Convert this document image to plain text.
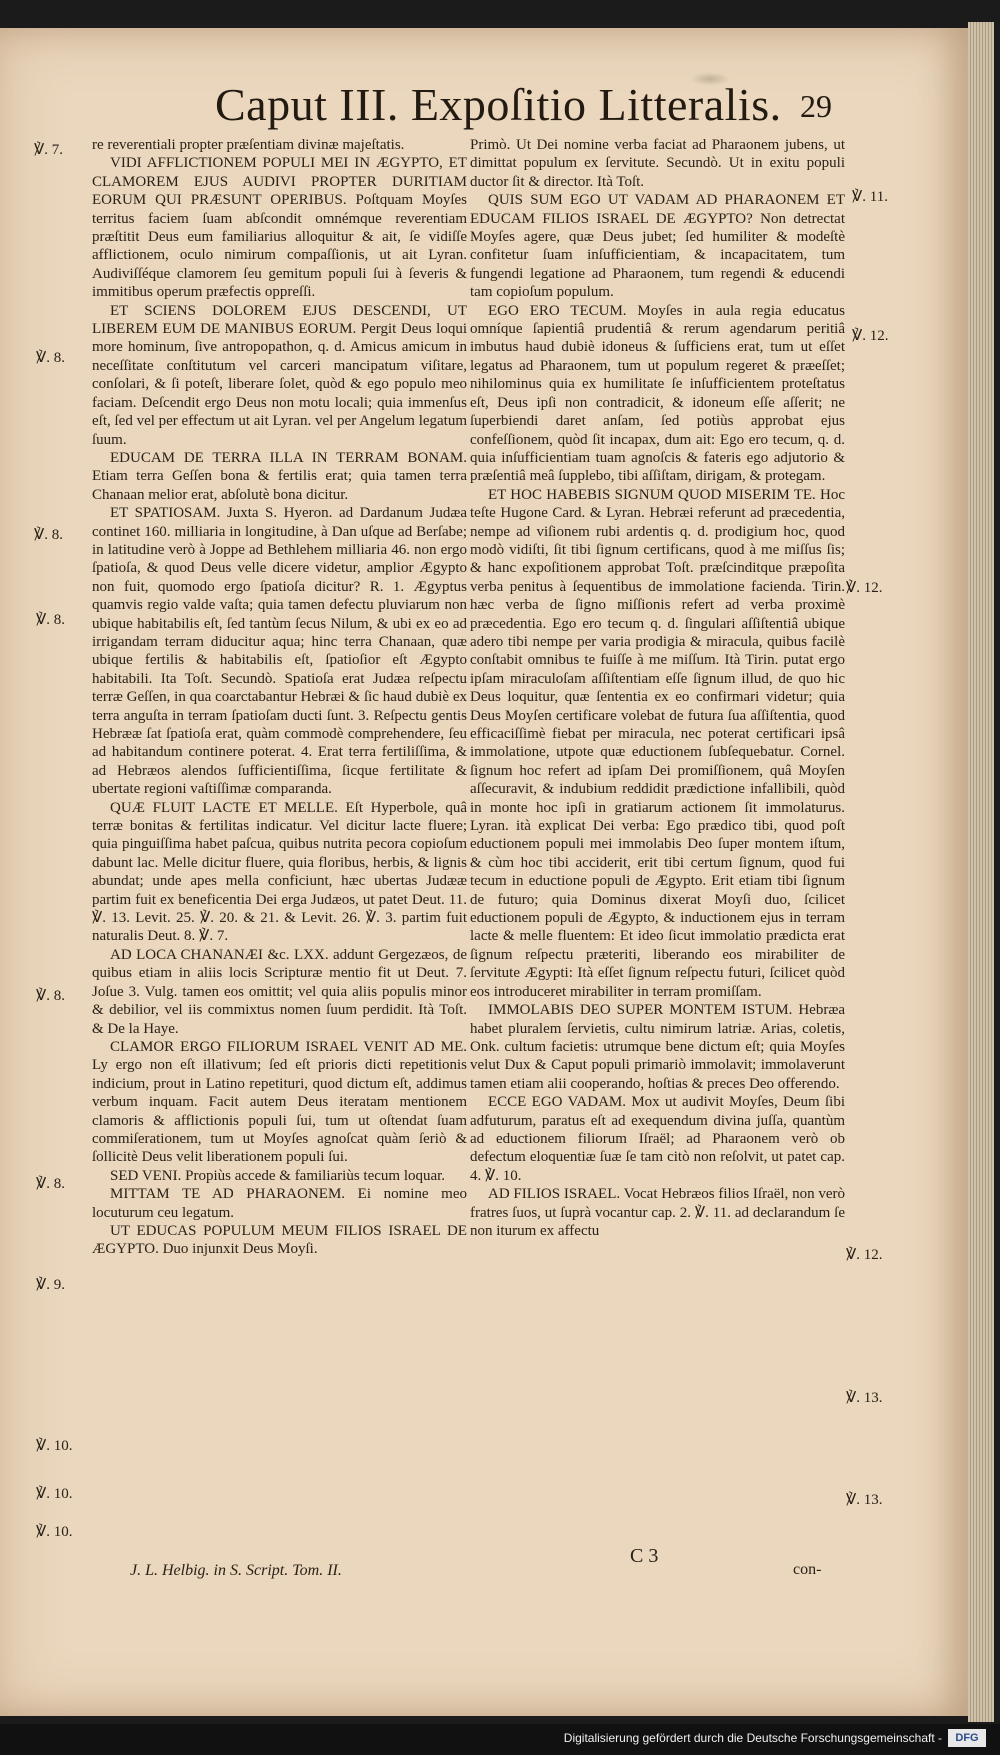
Caput III. Expoſitio Litteralis. 29

re reverentiali propter præſentiam divinæ majeſtatis.

VIDI AFFLICTIONEM POPULI MEI IN ÆGYPTO, ET CLAMOREM EJUS AUDIVI PROPTER DURITIAM EORUM QUI PRÆSUNT OPERIBUS. Poſtquam Moyſes territus faciem ſuam abſcondit omnémque reverentiam præſtitit Deus eum familiarius alloquitur & ait, ſe vidiſſe afflictionem, oculo nimirum compaſſionis, ut ait Lyran. Audiviſſéque clamorem ſeu gemitum populi ſui à ſeveris & immitibus operum præfectis oppreſſi.

ET SCIENS DOLOREM EJUS DESCENDI, UT LIBEREM EUM DE MANIBUS EORUM. Pergit Deus loqui more hominum, ſive antropopathon, q. d. Amicus amicum in neceſſitate conſtitutum vel carceri mancipatum viſitare, conſolari, & ſi poteſt, liberare ſolet, quòd & ego populo meo faciam. Deſcendit ergo Deus non motu locali; quia immenſus eſt, ſed vel per effectum ut ait Lyran. vel per Angelum legatum ſuum.

EDUCAM DE TERRA ILLA IN TERRAM BONAM. Etiam terra Geſſen bona & fertilis erat; quia tamen terra Chanaan melior erat, abſolutè bona dicitur.

ET SPATIOSAM. Juxta S. Hyeron. ad Dardanum Judæa continet 160. milliaria in longitudine, à Dan uſque ad Berſabe; in latitudine verò à Joppe ad Bethlehem milliaria 46. non ergo ſpatioſa, & quod Deus velle dicere videtur, amplior Ægypto non fuit, quomodo ergo ſpatioſa dicitur? R. 1. Ægyptus quamvis regio valde vaſta; quia tamen defectu pluviarum non ubique habitabilis eſt, ſed tantùm ſecus Nilum, & ubi ex eo ad irrigandam terram diducitur aqua; hinc terra Chanaan, quæ ubique fertilis & habitabilis eſt, ſpatioſior eſt Ægypto habitabili. Ita Toſt. Secundò. Spatioſa erat Judæa reſpectu terræ Geſſen, in qua coarctabantur Hebræi & ſic haud dubiè ex terra anguſta in terram ſpatioſam ducti ſunt. 3. Reſpectu gentis Hebrææ ſat ſpatioſa erat, quàm commodè comprehendere, ſeu ad habitandum continere poterat. 4. Erat terra fertiliſſima, & ad Hebræos alendos ſufficientiſſima, ſicque fertilitate & ubertate regioni vaſtiſſimæ comparanda.

QUÆ FLUIT LACTE ET MELLE. Eſt Hyperbole, quâ terræ bonitas & fertilitas indicatur. Vel dicitur lacte fluere; quia pinguiſſima habet paſcua, quibus nutrita pecora copioſum dabunt lac. Melle dicitur fluere, quia floribus, herbis, & lignis abundat; unde apes mella conficiunt, hæc ubertas Judææ partim fuit ex beneficentia Dei erga Judæos, ut patet Deut. 11. ℣. 13. Levit. 25. ℣. 20. & 21. & Levit. 26. ℣. 3. partim fuit naturalis Deut. 8. ℣. 7.

AD LOCA CHANANÆI &c. LXX. addunt Gergezæos, de quibus etiam in aliis locis Scripturæ mentio fit ut Deut. 7. Joſue 3. Vulg. tamen eos omittit; vel quia aliis populis minor & debilior, vel iis commixtus nomen ſuum perdidit. Ità Toſt. & De la Haye.

CLAMOR ERGO FILIORUM ISRAEL VENIT AD ME. Ly ergo non eſt illativum; ſed eſt prioris dicti repetitionis indicium, prout in Latino repetituri, quod dictum eſt, addimus verbum inquam. Facit autem Deus iteratam mentionem clamoris & afflictionis populi ſui, tum ut oſtendat ſuam commiſerationem, tum ut Moyſes agnoſcat quàm ſeriò & ſollicitè Deus velit liberationem populi ſui.

SED VENI. Propiùs accede & familiariùs tecum loquar.

MITTAM TE AD PHARAONEM. Ei nomine meo locuturum ceu legatum.

UT EDUCAS POPULUM MEUM FILIOS ISRAEL DE ÆGYPTO. Duo injunxit Deus Moyſi.

Primò. Ut Dei nomine verba faciat ad Pharaonem jubens, ut dimittat populum ex ſervitute. Secundò. Ut in exitu populi ductor ſit & director. Ità Toſt.

QUIS SUM EGO UT VADAM AD PHARAONEM ET EDUCAM FILIOS ISRAEL DE ÆGYPTO? Non detrectat Moyſes agere, quæ Deus jubet; ſed humiliter & modeſtè confitetur ſuam inſufficientiam, & incapacitatem, tum fungendi legatione ad Pharaonem, tum regendi & educendi tam copioſum populum.

EGO ERO TECUM. Moyſes in aula regia educatus omníque ſapientiâ prudentiâ & rerum agendarum peritiâ imbutus haud dubiè idoneus & ſufficiens erat, tum ut eſſet legatus ad Pharaonem, tum ut populum regeret & præeſſet; nihilominus quia ex humilitate ſe inſufficientem proteſtatus eſt, Deus ipſi non contradicit, & idoneum eſſe aſſerit; ne ſuperbiendi daret anſam, ſed potiùs approbat ejus confeſſionem, quòd ſit incapax, dum ait: Ego ero tecum, q. d. quia inſufficientiam tuam agnoſcis & fateris ego adjutorio & præſentiâ meâ ſupplebo, tibi aſſiſtam, dirigam, & protegam.

ET HOC HABEBIS SIGNUM QUOD MISERIM TE. Hoc teſte Hugone Card. & Lyran. Hebræi referunt ad præcedentia, nempe ad viſionem rubi ardentis q. d. prodigium hoc, quod modò vidiſti, ſit tibi ſignum certificans, quod à me miſſus ſis; & hanc expoſitionem approbat Toſt. præſcinditque præpoſita verba penitus à ſequentibus de immolatione facienda. Tirin. hæc verba de ſigno miſſionis refert ad verba proximè præcedentia. Ego ero tecum q. d. ſingulari aſſiſtentiâ ubique adero tibi nempe per varia prodigia & miracula, quibus facilè conſtabit omnibus te fuiſſe à me miſſum. Ità Tirin. putat ergo ipſam miraculoſam aſſiſtentiam eſſe ſignum illud, de quo hic Deus loquitur, quæ ſententia ex eo confirmari videtur; quia Deus Moyſen certificare volebat de futura ſua aſſiſtentia, quod efficaciſſimè fiebat per miracula, nec poterat certificari ipsâ immolatione, utpote quæ eductionem ſubſequebatur. Cornel. ſignum hoc refert ad ipſam Dei promiſſionem, quâ Moyſen aſſecuravit, & indubium reddidit prædictione infallibili, quòd in monte hoc ipſi in gratiarum actionem ſit immolaturus. Lyran. ità explicat Dei verba: Ego prædico tibi, quod poſt eductionem populi mei immolabis Deo ſuper montem iſtum, & cùm hoc tibi acciderit, erit tibi certum ſignum, quod fui tecum in eductione populi de Ægypto. Erit etiam tibi ſignum de futuro; quia Dominus dixerat Moyſi duo, ſcilicet eductionem populi de Ægypto, & inductionem ejus in terram lacte & melle fluentem: Et ideo ſicut immolatio prædicta erat ſignum reſpectu præteriti, liberando eos mirabiliter de ſervitute Ægypti: Ità eſſet ſignum reſpectu futuri, ſcilicet quòd eos introduceret mirabiliter in terram promiſſam.

IMMOLABIS DEO SUPER MONTEM ISTUM. Hebræa habet pluralem ſervietis, cultu nimirum latriæ. Arias, coletis, Onk. cultum facietis: utrumque bene dictum eſt; quia Moyſes velut Dux & Caput populi primariò immolavit; immolaverunt tamen etiam alii cooperando, hoſtias & preces Deo offerendo.

ECCE EGO VADAM. Mox ut audivit Moyſes, Deum ſibi adfuturum, paratus eſt ad exequendum divina juſſa, quantùm ad eductionem filiorum Iſraël; ad Pharaonem verò ob defectum eloquentiæ ſuæ ſe tam citò non reſolvit, ut patet cap. 4. ℣. 10.

AD FILIOS ISRAEL. Vocat Hebræos filios Iſraël, non verò fratres ſuos, ut ſuprà vocantur cap. 2. ℣. 11. ad declarandum ſe non iturum ex affectu

℣. 7.
℣. 8.
℣. 8.
℣. 8.
℣. 8.
℣. 8.
℣. 9.
℣. 10.
℣. 10.
℣. 10.
℣. 11.
℣. 12.
℣. 12.
℣. 12.
℣. 13.
℣. 13.
J. L. Helbig. in S. Script. Tom. II.
C 3
con-
Digitalisierung gefördert durch die Deutsche Forschungsgemeinschaft -	DFG
